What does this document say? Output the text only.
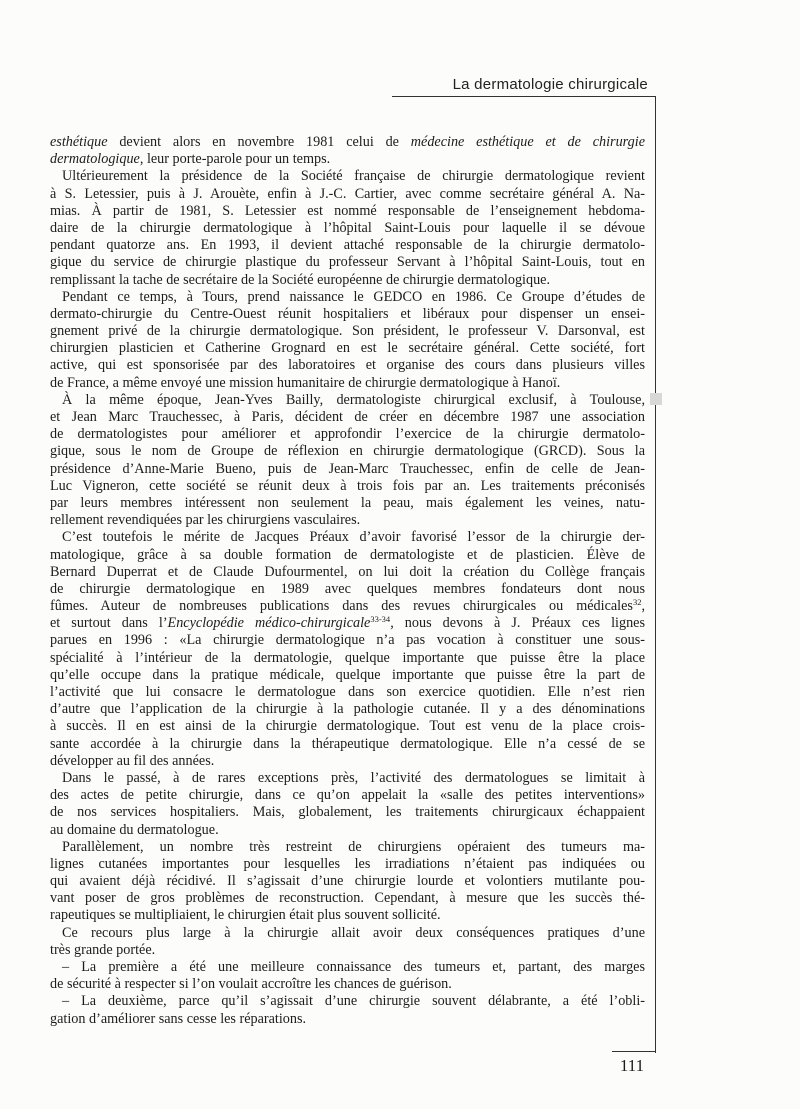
La dermatologie chirurgicale
esthétique devient alors en novembre 1981 celui de médecine esthétique et de chirurgie
dermatologique, leur porte-parole pour un temps.
Ultérieurement la présidence de la Société française de chirurgie dermatologique revient
à S. Letessier, puis à J. Arouète, enfin à J.-C. Cartier, avec comme secrétaire général A. Na-
mias. À partir de 1981, S. Letessier est nommé responsable de l’enseignement hebdoma-
daire de la chirurgie dermatologique à l’hôpital Saint-Louis pour laquelle il se dévoue
pendant quatorze ans. En 1993, il devient attaché responsable de la chirurgie dermatolo-
gique du service de chirurgie plastique du professeur Servant à l’hôpital Saint-Louis, tout en
remplissant la tache de secrétaire de la Société européenne de chirurgie dermatologique.
Pendant ce temps, à Tours, prend naissance le GEDCO en 1986. Ce Groupe d’études de
dermato-chirurgie du Centre-Ouest réunit hospitaliers et libéraux pour dispenser un ensei-
gnement privé de la chirurgie dermatologique. Son président, le professeur V. Darsonval, est
chirurgien plasticien et Catherine Grognard en est le secrétaire général. Cette société, fort
active, qui est sponsorisée par des laboratoires et organise des cours dans plusieurs villes
de France, a même envoyé une mission humanitaire de chirurgie dermatologique à Hanoï.
À la même époque, Jean-Yves Bailly, dermatologiste chirurgical exclusif, à Toulouse,
et Jean Marc Trauchessec, à Paris, décident de créer en décembre 1987 une association
de dermatologistes pour améliorer et approfondir l’exercice de la chirurgie dermatolo-
gique, sous le nom de Groupe de réflexion en chirurgie dermatologique (GRCD). Sous la
présidence d’Anne-Marie Bueno, puis de Jean-Marc Trauchessec, enfin de celle de Jean-
Luc Vigneron, cette société se réunit deux à trois fois par an. Les traitements préconisés
par leurs membres intéressent non seulement la peau, mais également les veines, natu-
rellement revendiquées par les chirurgiens vasculaires.
C’est toutefois le mérite de Jacques Préaux d’avoir favorisé l’essor de la chirurgie der-
matologique, grâce à sa double formation de dermatologiste et de plasticien. Élève de
Bernard Duperrat et de Claude Dufourmentel, on lui doit la création du Collège français
de chirurgie dermatologique en 1989 avec quelques membres fondateurs dont nous
fûmes. Auteur de nombreuses publications dans des revues chirurgicales ou médicales$^{32}$,
et surtout dans l’Encyclopédie médico-chirurgicale$^{33-34}$, nous devons à J. Préaux ces lignes
parues en 1996 : «La chirurgie dermatologique n’a pas vocation à constituer une sous-
spécialité à l’intérieur de la dermatologie, quelque importante que puisse être la place
qu’elle occupe dans la pratique médicale, quelque importante que puisse être la part de
l’activité que lui consacre le dermatologue dans son exercice quotidien. Elle n’est rien
d’autre que l’application de la chirurgie à la pathologie cutanée. Il y a des dénominations
à succès. Il en est ainsi de la chirurgie dermatologique. Tout est venu de la place crois-
sante accordée à la chirurgie dans la thérapeutique dermatologique. Elle n’a cessé de se
développer au fil des années.
Dans le passé, à de rares exceptions près, l’activité des dermatologues se limitait à
des actes de petite chirurgie, dans ce qu’on appelait la «salle des petites interventions»
de nos services hospitaliers. Mais, globalement, les traitements chirurgicaux échappaient
au domaine du dermatologue.
Parallèlement, un nombre très restreint de chirurgiens opéraient des tumeurs ma-
lignes cutanées importantes pour lesquelles les irradiations n’étaient pas indiquées ou
qui avaient déjà récidivé. Il s’agissait d’une chirurgie lourde et volontiers mutilante pou-
vant poser de gros problèmes de reconstruction. Cependant, à mesure que les succès thé-
rapeutiques se multipliaient, le chirurgien était plus souvent sollicité.
Ce recours plus large à la chirurgie allait avoir deux conséquences pratiques d’une
très grande portée.
– La première a été une meilleure connaissance des tumeurs et, partant, des marges
de sécurité à respecter si l’on voulait accroître les chances de guérison.
– La deuxième, parce qu’il s’agissait d’une chirurgie souvent délabrante, a été l’obli-
gation d’améliorer sans cesse les réparations.
111
